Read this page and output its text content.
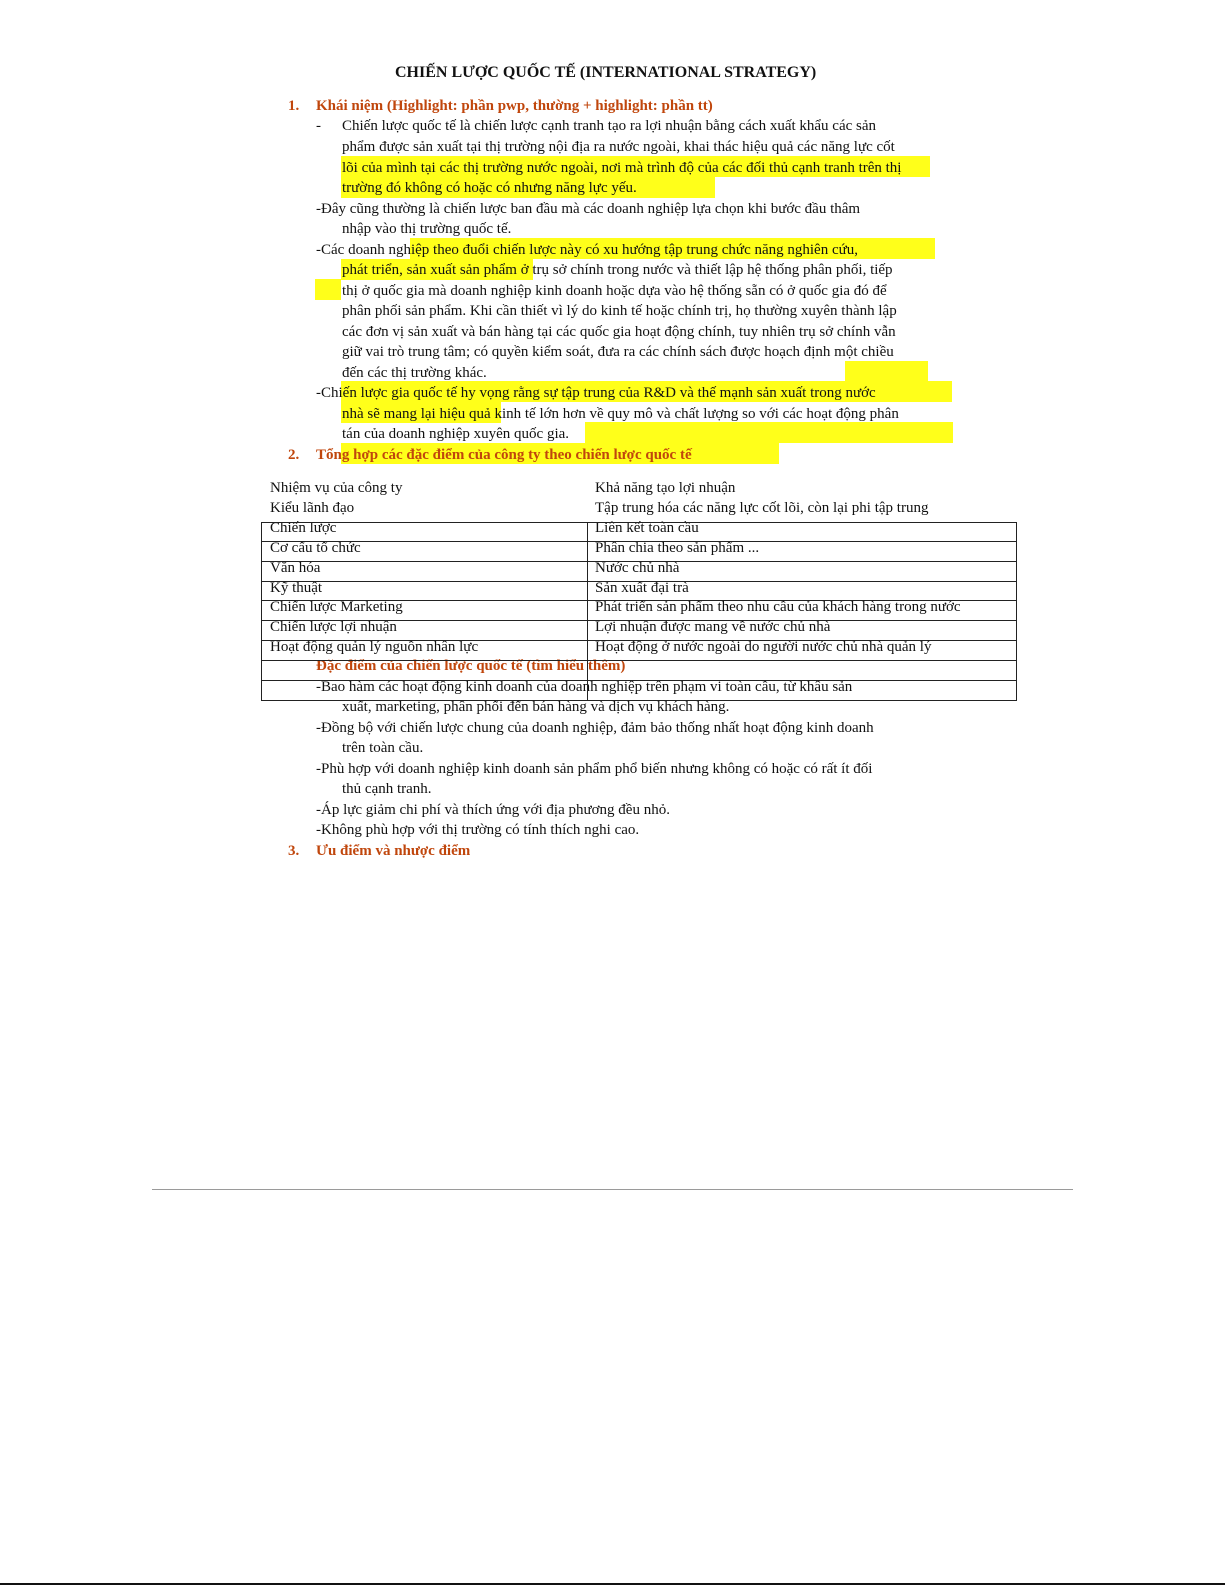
CHIẾN LƯỢC QUỐC TẾ (INTERNATIONAL STRATEGY)
1. Khái niệm (Highlight: phần pwp, thường + highlight: phần tt)
- Chiến lược quốc tế là chiến lược cạnh tranh tạo ra lợi nhuận bằng cách xuất khẩu các sản
phẩm được sản xuất tại thị trường nội địa ra nước ngoài, khai thác hiệu quả các năng lực cốt
lõi của mình tại các thị trường nước ngoài, nơi mà trình độ của các đối thủ cạnh tranh trên thị
trường đó không có hoặc có nhưng năng lực yếu.
-Đây cũng thường là chiến lược ban đầu mà các doanh nghiệp lựa chọn khi bước đầu thâm
nhập vào thị trường quốc tế.
-Các doanh nghiệp theo đuổi chiến lược này có xu hướng tập trung chức năng nghiên cứu,
phát triển, sản xuất sản phẩm ở trụ sở chính trong nước và thiết lập hệ thống phân phối, tiếp
thị ở quốc gia mà doanh nghiệp kinh doanh hoặc dựa vào hệ thống sẵn có ở quốc gia đó để
phân phối sản phẩm. Khi cần thiết vì lý do kinh tế hoặc chính trị, họ thường xuyên thành lập
các đơn vị sản xuất và bán hàng tại các quốc gia hoạt động chính, tuy nhiên trụ sở chính vẫn
giữ vai trò trung tâm; có quyền kiểm soát, đưa ra các chính sách được hoạch định một chiều
đến các thị trường khác.
-Chiến lược gia quốc tế hy vọng rằng sự tập trung của R&D và thế mạnh sản xuất trong nước
nhà sẽ mang lại hiệu quả kinh tế lớn hơn về quy mô và chất lượng so với các hoạt động phân
tán của doanh nghiệp xuyên quốc gia.
2. Tổng hợp các đặc điểm của công ty theo chiến lược quốc tế
Nhiệm vụ của công ty	Khả năng tạo lợi nhuận
Kiểu lãnh đạo	Tập trung hóa các năng lực cốt lõi, còn lại phi tập trung
Chiến lược	Liên kết toàn cầu
Cơ cấu tổ chức	Phân chia theo sản phẩm ...
Văn hóa	Nước chủ nhà
Kỹ thuật	Sản xuất đại trà
Chiến lược Marketing	Phát triển sản phẩm theo nhu cầu của khách hàng trong nước
Chiến lược lợi nhuận	Lợi nhuận được mang về nước chủ nhà
Hoạt động quản lý nguồn nhân lực	Hoạt động ở nước ngoài do người nước chủ nhà quản lý
Đặc điểm của chiến lược quốc tế (tìm hiểu thêm)
-Bao hàm các hoạt động kinh doanh của doanh nghiệp trên phạm vi toàn cầu, từ khâu sản
xuất, marketing, phân phối đến bán hàng và dịch vụ khách hàng.
-Đồng bộ với chiến lược chung của doanh nghiệp, đảm bảo thống nhất hoạt động kinh doanh
trên toàn cầu.
-Phù hợp với doanh nghiệp kinh doanh sản phẩm phổ biến nhưng không có hoặc có rất ít đối
thủ cạnh tranh.
-Áp lực giảm chi phí và thích ứng với địa phương đều nhỏ.
-Không phù hợp với thị trường có tính thích nghi cao.
3. Ưu điểm và nhược điểm
